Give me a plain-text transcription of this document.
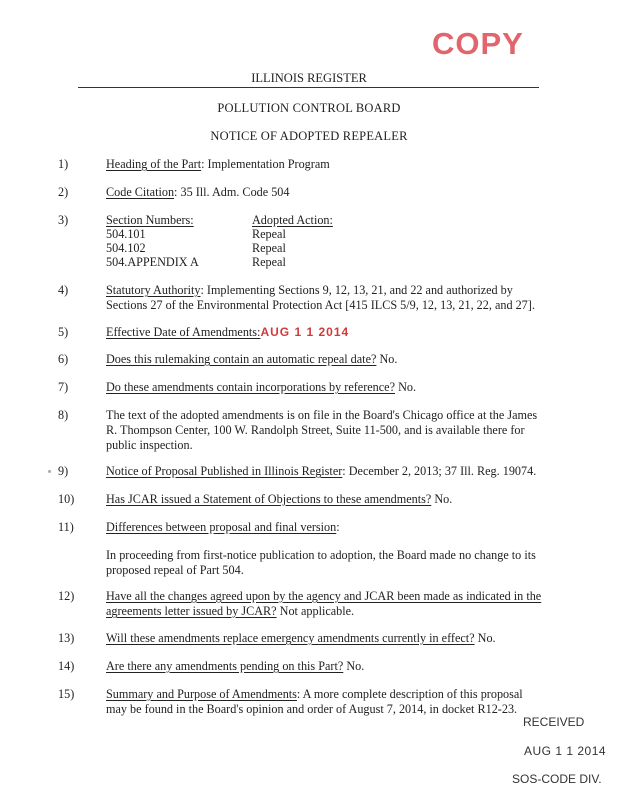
COPY
ILLINOIS REGISTER
POLLUTION CONTROL BOARD
NOTICE OF ADOPTED REPEALER
1)	Heading of the Part: Implementation Program
2)	Code Citation: 35 Ill. Adm. Code 504
3)	Section Numbers:	Adopted Action:
504.101	Repeal
504.102	Repeal
504.APPENDIX A	Repeal
4)	Statutory Authority: Implementing Sections 9, 12, 13, 21, and 22 and authorized by
Sections 27 of the Environmental Protection Act [415 ILCS 5/9, 12, 13, 21, 22, and 27].
5)	Effective Date of Amendments:AUG 1 1 2014
6)	Does this rulemaking contain an automatic repeal date? No.
7)	Do these amendments contain incorporations by reference? No.
8)	The text of the adopted amendments is on file in the Board's Chicago office at the James
R. Thompson Center, 100 W. Randolph Street, Suite 11-500, and is available there for
public inspection.
9)	Notice of Proposal Published in Illinois Register: December 2, 2013; 37 Ill. Reg. 19074.
10)	Has JCAR issued a Statement of Objections to these amendments? No.
11)	Differences between proposal and final version:
In proceeding from first-notice publication to adoption, the Board made no change to its
proposed repeal of Part 504.
12)	Have all the changes agreed upon by the agency and JCAR been made as indicated in the
agreements letter issued by JCAR? Not applicable.
13)	Will these amendments replace emergency amendments currently in effect? No.
14)	Are there any amendments pending on this Part? No.
15)	Summary and Purpose of Amendments: A more complete description of this proposal
may be found in the Board's opinion and order of August 7, 2014, in docket R12-23.
RECEIVED
AUG 1 1 2014
SOS-CODE DIV.
